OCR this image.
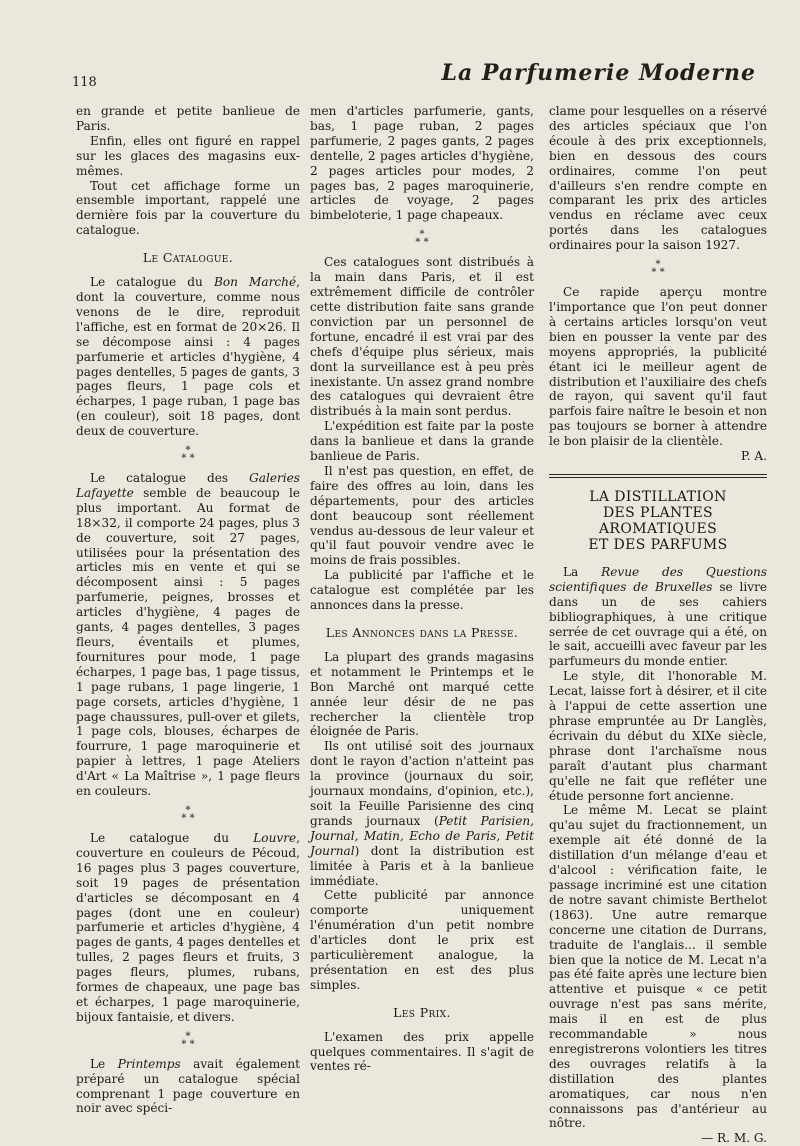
118	La Parfumerie Moderne

en grande et petite banlieue de Paris.

Enfin, elles ont figuré en rappel sur les glaces des magasins eux-mêmes.

Tout cet affichage forme un ensemble important, rappelé une dernière fois par la couverture du catalogue.

Le Catalogue.

Le catalogue du Bon Marché, dont la couverture, comme nous venons de le dire, reproduit l'affiche, est en format de 20×26. Il se décompose ainsi : 4 pages parfumerie et articles d'hygiène, 4 pages dentelles, 5 pages de gants, 3 pages fleurs, 1 page cols et écharpes, 1 page ruban, 1 page bas (en couleur), soit 18 pages, dont deux de couverture.

*
* *

Le catalogue des Galeries Lafayette semble de beaucoup le plus important. Au format de 18×32, il comporte 24 pages, plus 3 de couverture, soit 27 pages, utilisées pour la présentation des articles mis en vente et qui se décomposent ainsi : 5 pages parfumerie, peignes, brosses et articles d'hygiène, 4 pages de gants, 4 pages dentelles, 3 pages fleurs, éventails et plumes, fournitures pour mode, 1 page écharpes, 1 page bas, 1 page tissus, 1 page rubans, 1 page lingerie, 1 page corsets, articles d'hygiène, 1 page chaussures, pull-over et gilets, 1 page cols, blouses, écharpes de fourrure, 1 page maroquinerie et papier à lettres, 1 page Ateliers d'Art « La Maîtrise », 1 page fleurs en couleurs.

*
* *

Le catalogue du Louvre, couverture en couleurs de Pécoud, 16 pages plus 3 pages couverture, soit 19 pages de présentation d'articles se décomposant en 4 pages (dont une en couleur) parfumerie et articles d'hygiène, 4 pages de gants, 4 pages dentelles et tulles, 2 pages fleurs et fruits, 3 pages fleurs, plumes, rubans, formes de chapeaux, une page bas et écharpes, 1 page maroquinerie, bijoux fantaisie, et divers.

*
* *

Le Printemps avait également préparé un catalogue spécial comprenant 1 page couverture en noir avec spéci-

men d'articles parfumerie, gants, bas, 1 page ruban, 2 pages parfumerie, 2 pages gants, 2 pages dentelle, 2 pages articles d'hygiène, 2 pages articles pour modes, 2 pages bas, 2 pages maroquinerie, articles de voyage, 2 pages bimbeloterie, 1 page chapeaux.

*
* *

Ces catalogues sont distribués à la main dans Paris, et il est extrêmement difficile de contrôler cette distribution faite sans grande conviction par un personnel de fortune, encadré il est vrai par des chefs d'équipe plus sérieux, mais dont la surveillance est à peu près inexistante. Un assez grand nombre des catalogues qui devraient être distribués à la main sont perdus.

L'expédition est faite par la poste dans la banlieue et dans la grande banlieue de Paris.

Il n'est pas question, en effet, de faire des offres au loin, dans les départements, pour des articles dont beaucoup sont réellement vendus au-dessous de leur valeur et qu'il faut pouvoir vendre avec le moins de frais possibles.

La publicité par l'affiche et le catalogue est complétée par les annonces dans la presse.

Les Annonces dans la Presse.

La plupart des grands magasins et notamment le Printemps et le Bon Marché ont marqué cette année leur désir de ne pas rechercher la clientèle trop éloignée de Paris.

Ils ont utilisé soit des journaux dont le rayon d'action n'atteint pas la province (journaux du soir, journaux mondains, d'opinion, etc.), soit la Feuille Parisienne des cinq grands journaux (Petit Parisien, Journal, Matin, Echo de Paris, Petit Journal) dont la distribution est limitée à Paris et à la banlieue immédiate.

Cette publicité par annonce comporte uniquement l'énumération d'un petit nombre d'articles dont le prix est particulièrement analogue, la présentation en est des plus simples.

Les Prix.

L'examen des prix appelle quelques commentaires. Il s'agit de ventes ré-

clame pour lesquelles on a réservé des articles spéciaux que l'on écoule à des prix exceptionnels, bien en dessous des cours ordinaires, comme l'on peut d'ailleurs s'en rendre compte en comparant les prix des articles vendus en réclame avec ceux portés dans les catalogues ordinaires pour la saison 1927.

*
* *

Ce rapide aperçu montre l'importance que l'on peut donner à certains articles lorsqu'on veut bien en pousser la vente par des moyens appropriés, la publicité étant ici le meilleur agent de distribution et l'auxiliaire des chefs de rayon, qui savent qu'il faut parfois faire naître le besoin et non pas toujours se borner à attendre le bon plaisir de la clientèle.

P. A.

LA DISTILLATION
DES PLANTES AROMATIQUES
ET DES PARFUMS

La Revue des Questions scientifiques de Bruxelles se livre dans un de ses cahiers bibliographiques, à une critique serrée de cet ouvrage qui a été, on le sait, accueilli avec faveur par les parfumeurs du monde entier.

Le style, dit l'honorable M. Lecat, laisse fort à désirer, et il cite à l'appui de cette assertion une phrase empruntée au Dr Langlès, écrivain du début du XIXe siècle, phrase dont l'archaïsme nous paraît d'autant plus charmant qu'elle ne fait que refléter une étude personne fort ancienne.

Le même M. Lecat se plaint qu'au sujet du fractionnement, un exemple ait été donné de la distillation d'un mélange d'eau et d'alcool : vérification faite, le passage incriminé est une citation de notre savant chimiste Berthelot (1863). Une autre remarque concerne une citation de Durrans, traduite de l'anglais... il semble bien que la notice de M. Lecat n'a pas été faite après une lecture bien attentive et puisque « ce petit ouvrage n'est pas sans mérite, mais il en est de plus recommandable » nous enregistrerons volontiers les titres des ouvrages relatifs à la distillation des plantes aromatiques, car nous n'en connaissons pas d'antérieur au nôtre.

— R. M. G.
